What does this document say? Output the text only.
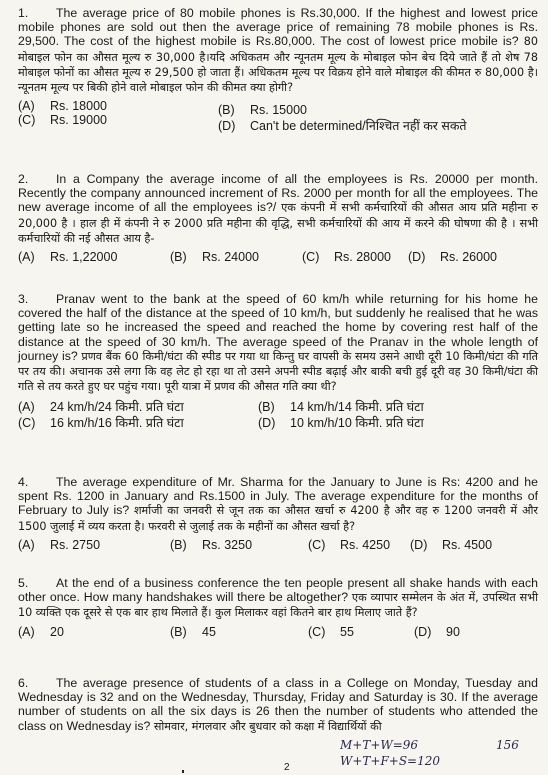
1. The average price of 80 mobile phones is Rs.30,000. If the highest and lowest price mobile phones are sold out then the average price of remaining 78 mobile phones is Rs. 29,500. The cost of the highest mobile is Rs.80,000. The cost of lowest price mobile is? 80 मोबाइल फोन का औसत मूल्य रु 30,000 है।यदि अधिकतम और न्यूनतम मूल्य के मोबाइल फोन बेच दिये जाते हैं तो शेष 78 मोबाइल फोनों का औसत मूल्य रु 29,500 हो जाता हैं। अधिकतम मूल्य पर विक्रय होने वाले मोबाइल की कीमत रु 80,000 है। न्यूनतम मूल्य पर बिकी होने वाले मोबाइल फोन की कीमत क्या होगी?

(A) Rs. 18000	(B) Rs. 15000
(C) Rs. 19000	(D) Can't be determined/निश्चित नहीं कर सकते

2. In a Company the average income of all the employees is Rs. 20000 per month. Recently the company announced increment of Rs. 2000 per month for all the employees. The new average income of all the employees is?/ एक कंपनी में सभी कर्मचारियों की औसत आय प्रति महीना रु 20,000 है । हाल ही में कंपनी ने रु 2000 प्रति महीना की वृद्धि, सभी कर्मचारियों की आय में करने की घोषणा की है । सभी कर्मचारियों की नई औसत आय है-

(A) Rs. 1,22000	(B) Rs. 24000	(C) Rs. 28000 (D) Rs. 26000

3. Pranav went to the bank at the speed of 60 km/h while returning for his home he covered the half of the distance at the speed of 10 km/h, but suddenly he realised that he was getting late so he increased the speed and reached the home by covering rest half of the distance at the speed of 30 km/h. The average speed of the Pranav in the whole length of journey is? प्रणव बैंक 60 किमी/घंटा की स्पीड पर गया था किन्तु घर वापसी के समय उसने आधी दूरी 10 किमी/घंटा की गति पर तय की। अचानक उसे लगा कि वह लेट हो रहा था तो उसने अपनी स्पीड बढ़ाई और बाकी बची हुई दूरी वह 30 किमी/घंटा की गति से तय करते हुए घर पहुंच गया। पूरी यात्रा में प्रणव की औसत गति क्या थी?

(A) 24 km/h/24 किमी. प्रति घंटा	(B) 14 km/h/14 किमी. प्रति घंटा
(C) 16 km/h/16 किमी. प्रति घंटा	(D) 10 km/h/10 किमी. प्रति घंटा

4. The average expenditure of Mr. Sharma for the January to June is Rs: 4200 and he spent Rs. 1200 in January and Rs.1500 in July. The average expenditure for the months of February to July is? शर्माजी का जनवरी से जून तक का औसत खर्चा रु 4200 है और वह रु 1200 जनवरी में और 1500 जुलाई में व्यय करता है। फरवरी से जुलाई तक के महीनों का औसत खर्चा है?

(A) Rs. 2750	(B) Rs. 3250	(C) Rs. 4250 (D) Rs. 4500

5. At the end of a business conference the ten people present all shake hands with each other once. How many handshakes will there be altogether? एक व्यापार सम्मेलन के अंत में, उपस्थित सभी 10 व्यक्ति एक दूसरे से एक बार हाथ मिलाते हैं। कुल मिलाकर वहां कितने बार हाथ मिलाए जाते हैं?

(A) 20	(B) 45	(C) 55	(D) 90

6. The average presence of students of a class in a College on Monday, Tuesday and Wednesday is 32 and on the Wednesday, Thursday, Friday and Saturday is 30. If the average number of students on all the six days is 26 then the number of students who attended the class on Wednesday is? सोमवार, मंगलवार और बुधवार को कक्षा में विद्यार्थियों की

M+T+W=96
W+T+F+S=120
156
2
